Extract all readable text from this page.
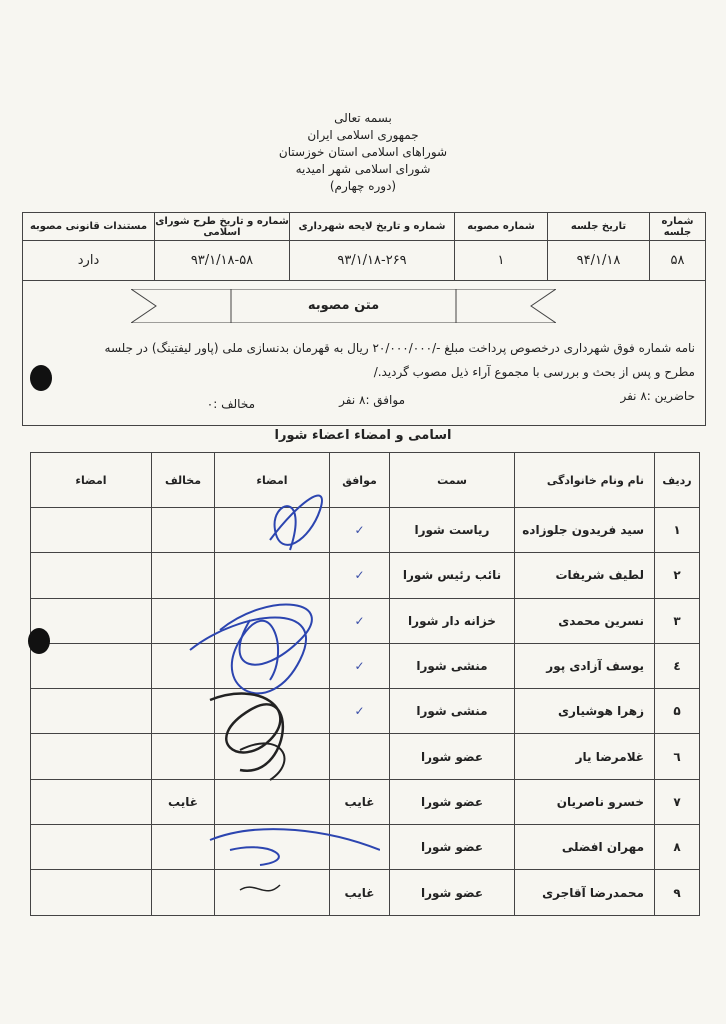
بسمه تعالی
جمهوری اسلامی ایران
شوراهای اسلامی استان خوزستان
شورای اسلامی شهر امیدیه
(دوره چهارم)
شماره جلسه	تاریخ جلسه	شماره مصوبه	شماره و تاریخ لایحه شهرداری	شماره و تاریخ طرح شورای اسلامی	مستندات قانونی مصوبه
۵۸	۹۴/۱/۱۸	۱	۹۳/۱/۱۸-۲۶۹	۹۳/۱/۱۸-۵۸	دارد
متن مصوبه
نامه شماره فوق شهرداری درخصوص پرداخت مبلغ -/۲۰/۰۰۰/۰۰۰ ریال به قهرمان بدنسازی ملی (پاور لیفتینگ) در جلسه
مطرح و پس از بحث و بررسی با مجموع آراء ذیل مصوب گردید./
حاضرین :۸ نفر
موافق :۸ نفر
مخالف :۰
اسامی و امضاء اعضاء شورا
ردیف	نام ونام خانوادگی	سمت	موافق	امضاء	مخالف	امضاء
۱	سید فریدون جلوزاده	ریاست شورا	✓			
۲	لطیف شریفات	نائب رئیس شورا	✓			
۳	نسرین محمدی	خزانه دار شورا	✓			
٤	یوسف آزادی پور	منشی شورا	✓			
۵	زهرا هوشیاری	منشی شورا	✓			
٦	غلامرضا یار	عضو شورا				
۷	خسرو ناصریان	عضو شورا	غایب		غایب	
۸	مهران افضلی	عضو شورا				
۹	محمدرضا آقاجری	عضو شورا	غایب			
